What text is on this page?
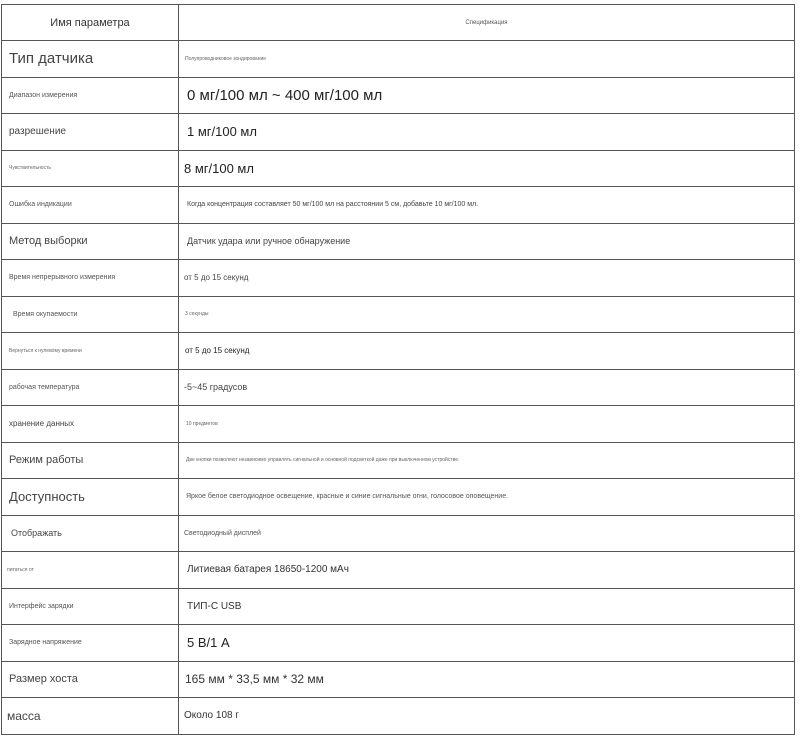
Имя параметра	Спецификация
Тип датчика	Полупроводниковое зондирование
Диапазон измерения	0 мг/100 мл ~ 400 мг/100 мл
разрешение	1 мг/100 мл
Чувствительность	8 мг/100 мл
Ошибка индикации	Когда концентрация составляет 50 мг/100 мл на расстоянии 5 см, добавьте 10 мг/100 мл.
Метод выборки	Датчик удара или ручное обнаружение
Время непрерывного измерения	от 5 до 15 секунд
Время окупаемости	3 секунды
Вернуться к нулевому времени	от 5 до 15 секунд
рабочая температура	-5~45 градусов
хранение данных	10 предметов
Режим работы	Две кнопки позволяют независимо управлять сигнальной и основной подсветкой даже при выключенном устройстве.
Доступность	Яркое белое светодиодное освещение, красные и синие сигнальные огни, голосовое оповещение.
Отображать	Светодиодный дисплей
питаться от	Литиевая батарея 18650-1200 мАч
Интерфейс зарядки	ТИП-C USB
Зарядное напряжение	5 В/1 А
Размер хоста	165 мм * 33,5 мм * 32 мм
масса	Около 108 г
